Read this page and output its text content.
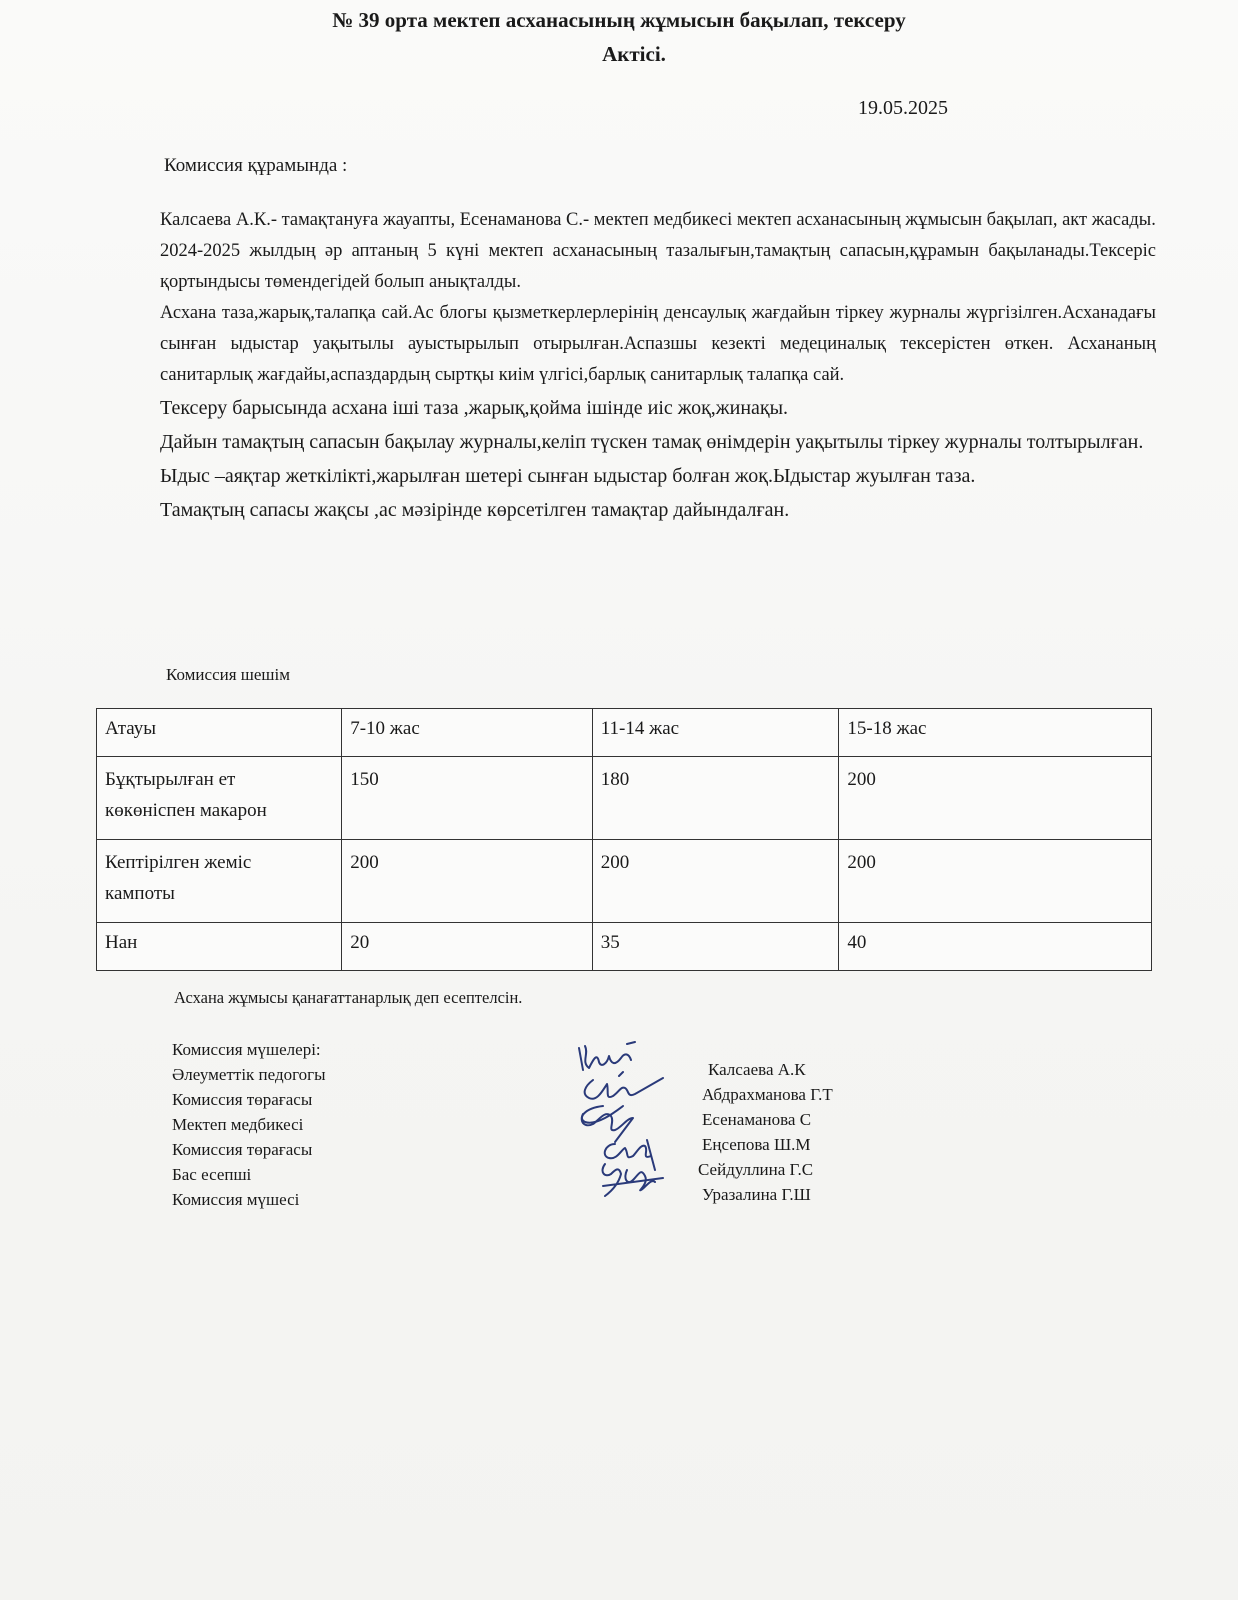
№ 39 орта мектеп асханасының жұмысын бақылап, тексеру
Актісі.
19.05.2025
Комиссия құрамында :

Калсаева А.К.- тамақтануға жауапты, Есенаманова С.- мектеп медбикесі мектеп асханасының жұмысын бақылап, акт жасады.

2024-2025 жылдың әр аптаның 5 күні мектеп асханасының тазалығын,тамақтың сапасын,құрамын бақыланады.Тексеріс қортындысы төмендегідей болып анықталды.

Асхана таза,жарық,талапқа сай.Ас блогы қызметкерлерлерінің денсаулық жағдайын тіркеу журналы жүргізілген.Асханадағы сынған ыдыстар уақытылы ауыстырылып отырылған.Аспазшы кезекті медециналық тексерістен өткен. Асхананың санитарлық жағдайы,аспаздардың сыртқы киім үлгісі,барлық санитарлық талапқа сай.

Тексеру барысында асхана іші таза ,жарық,қойма ішінде иіс жоқ,жинақы.

Дайын тамақтың сапасын бақылау журналы,келіп түскен тамақ өнімдерін уақытылы тіркеу журналы толтырылған.

Ыдыс –аяқтар жеткілікті,жарылған шетері сынған ыдыстар болған жоқ.Ыдыстар жуылған таза.

Тамақтың сапасы жақсы ,ас мәзірінде көрсетілген тамақтар дайындалған.

Комиссия шешім
Атауы	7-10 жас	11-14 жас	15-18 жас

Бұқтырылған ет
көкөніспен макарон	150	180	200

Кептірілген жеміс
кампоты	200	200	200
Нан	20	35	40
Асхана жұмысы қанағаттанарлық деп есептелсін.
Комиссия мүшелері:
Әлеуметтік педогогы
Комиссия төрағасы
Мектеп медбикесі
Комиссия төрағасы
Бас есепші
Комиссия мүшесі
Калсаева А.К
Абдрахманова Г.Т
Есенаманова С
Еңсепова Ш.М
Сейдуллина Г.С
Уразалина Г.Ш
